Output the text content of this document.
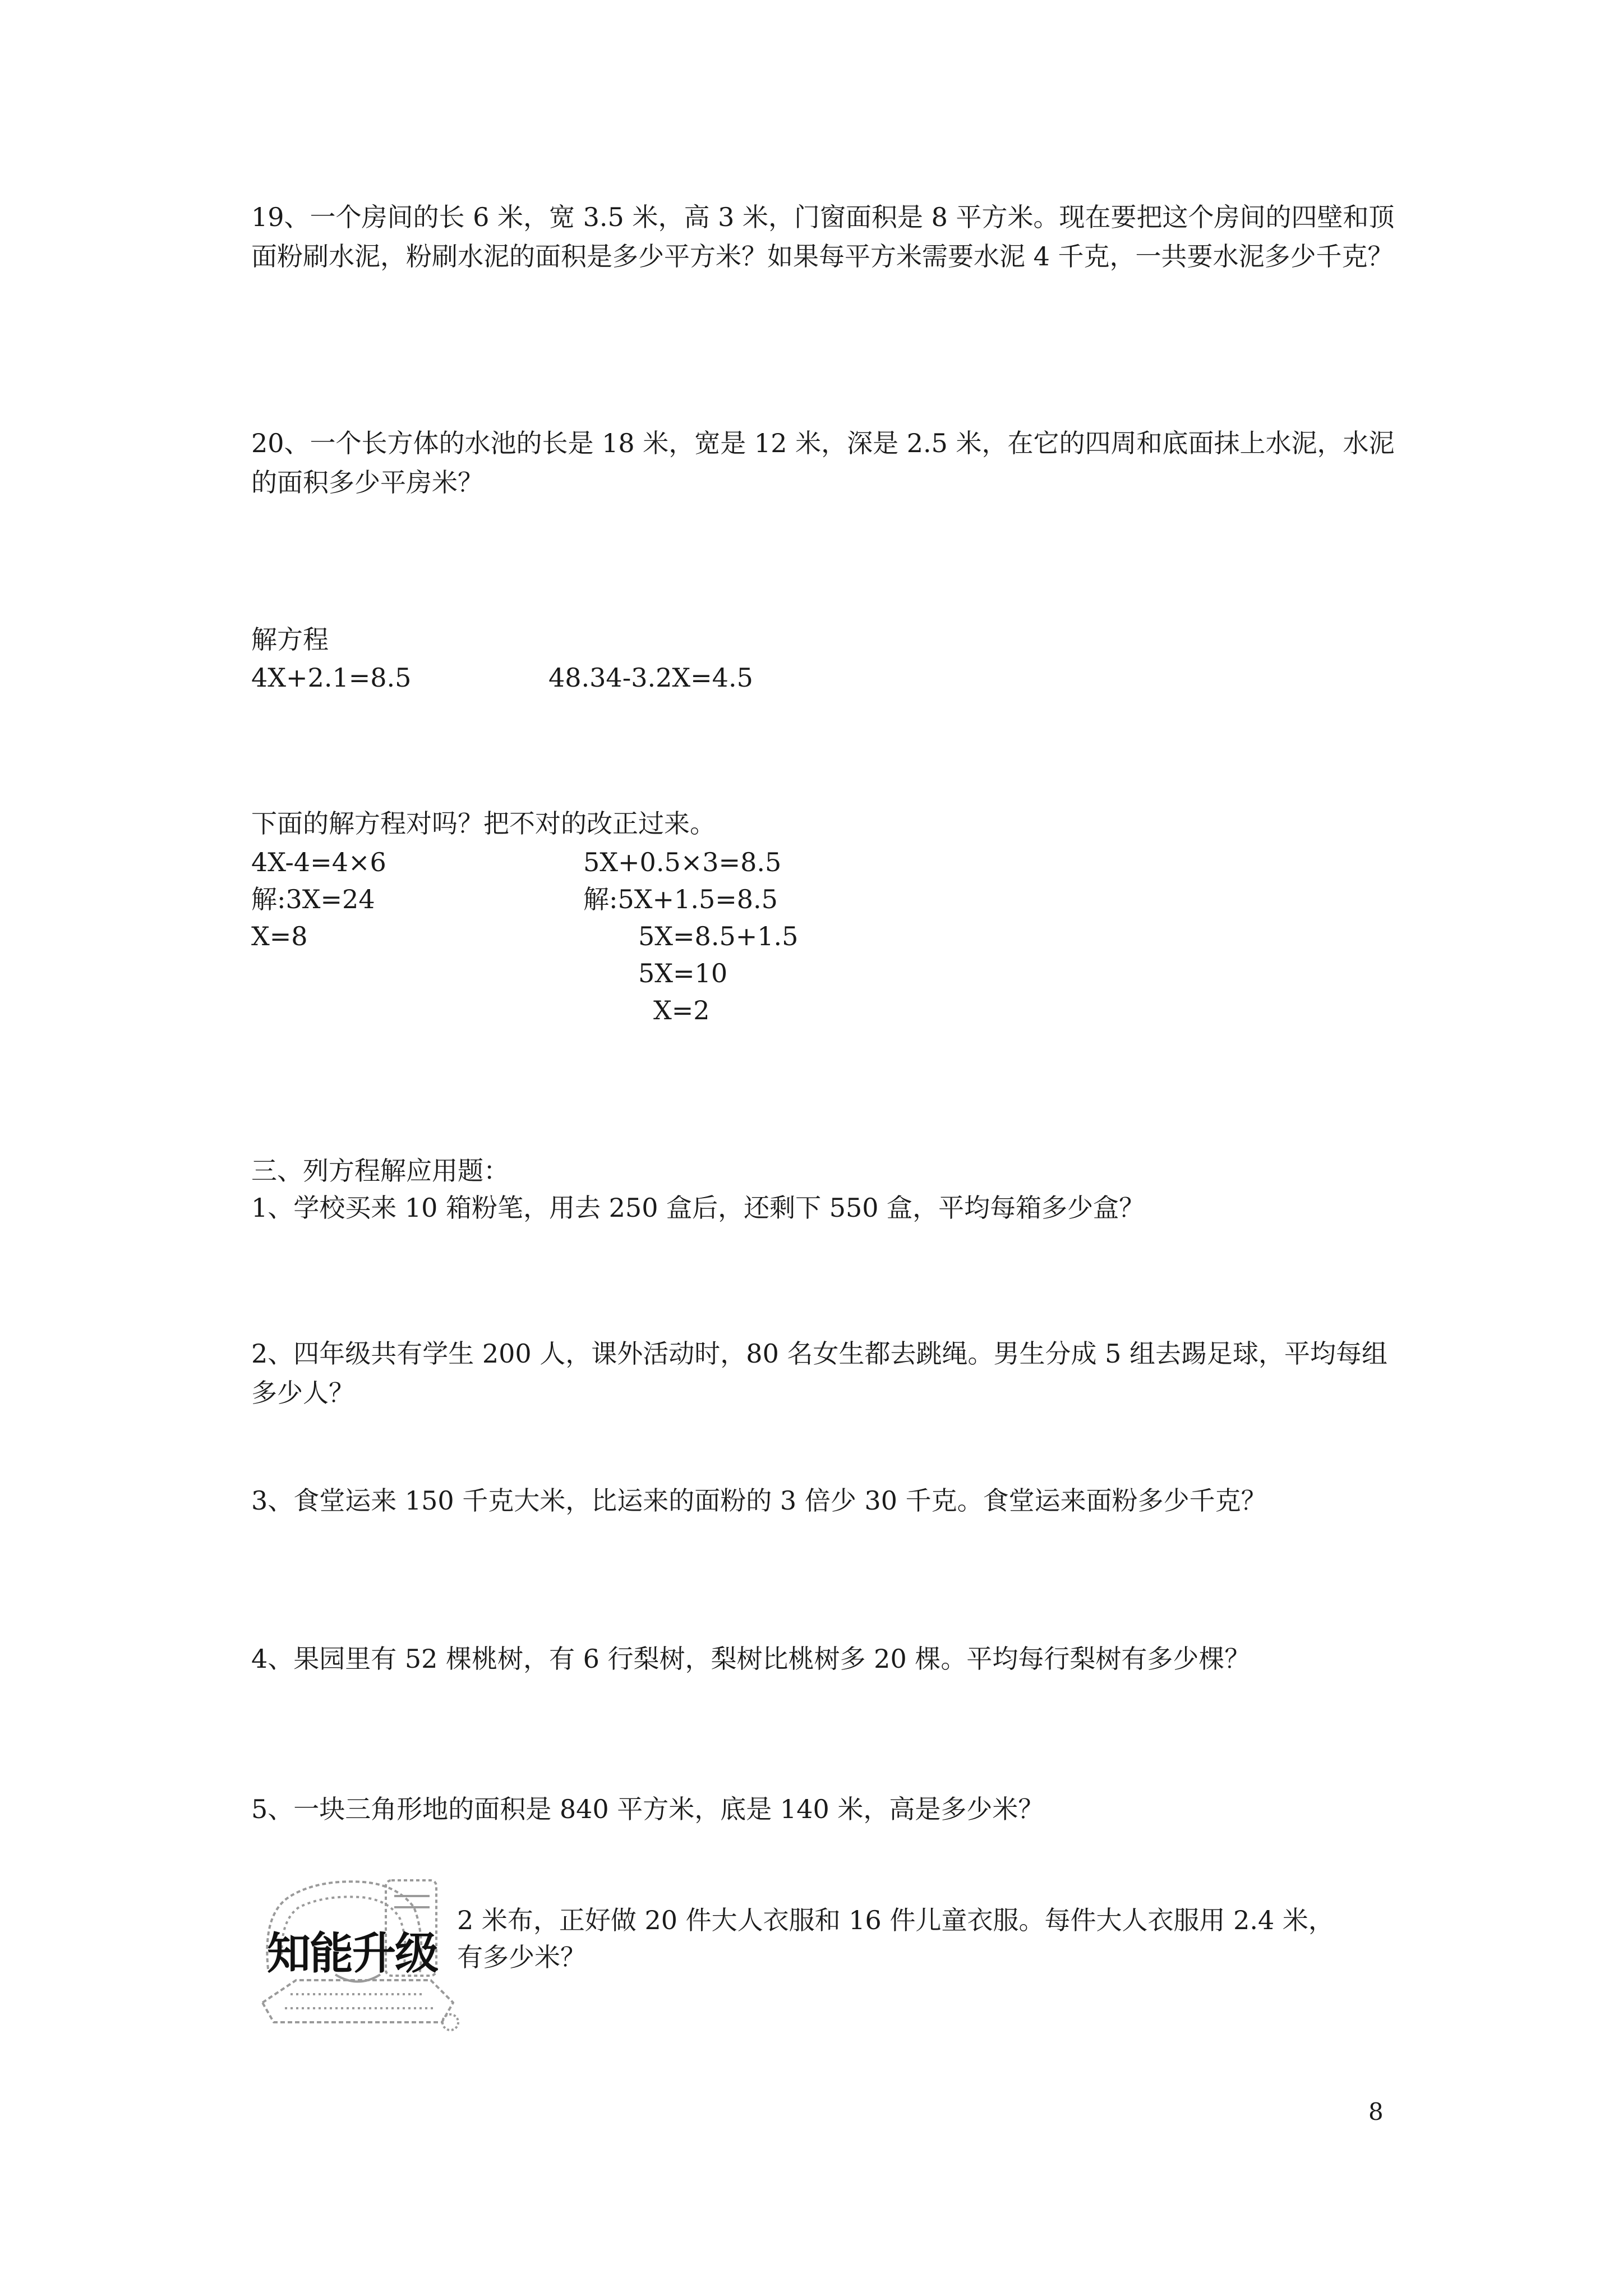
19、一个房间的长 6 米，宽 3.5 米，高 3 米，门窗面积是 8 平方米。现在要把这个房间的四壁和顶面粉刷水泥，粉刷水泥的面积是多少平方米？如果每平方米需要水泥 4 千克，一共要水泥多少千克？

20、一个长方体的水池的长是 18 米，宽是 12 米，深是 2.5 米，在它的四周和底面抹上水泥，水泥的面积多少平房米？

解方程

4X+2.1=8.5	48.34-3.2X=4.5

下面的解方程对吗？把不对的改正过来。

4X-4=4×6

解:3X=24

X=8

5X+0.5×3=8.5

解:5X+1.5=8.5

5X=8.5+1.5

5X=10

X=2

三、列方程解应用题：

1、学校买来 10 箱粉笔，用去 250 盒后，还剩下 550 盒，平均每箱多少盒？

2、四年级共有学生 200 人，课外活动时，80 名女生都去跳绳。男生分成 5 组去踢足球，平均每组多少人？

3、食堂运来 150 千克大米，比运来的面粉的 3 倍少 30 千克。食堂运来面粉多少千克？

4、果园里有 52 棵桃树，有 6 行梨树，梨树比桃树多 20 棵。平均每行梨树有多少棵？

5、一块三角形地的面积是 840 平方米，底是 140 米，高是多少米？

2 米布，正好做 20 件大人衣服和 16 件儿童衣服。每件大人衣服用 2.4 米，

有多少米？

知能升级
8
